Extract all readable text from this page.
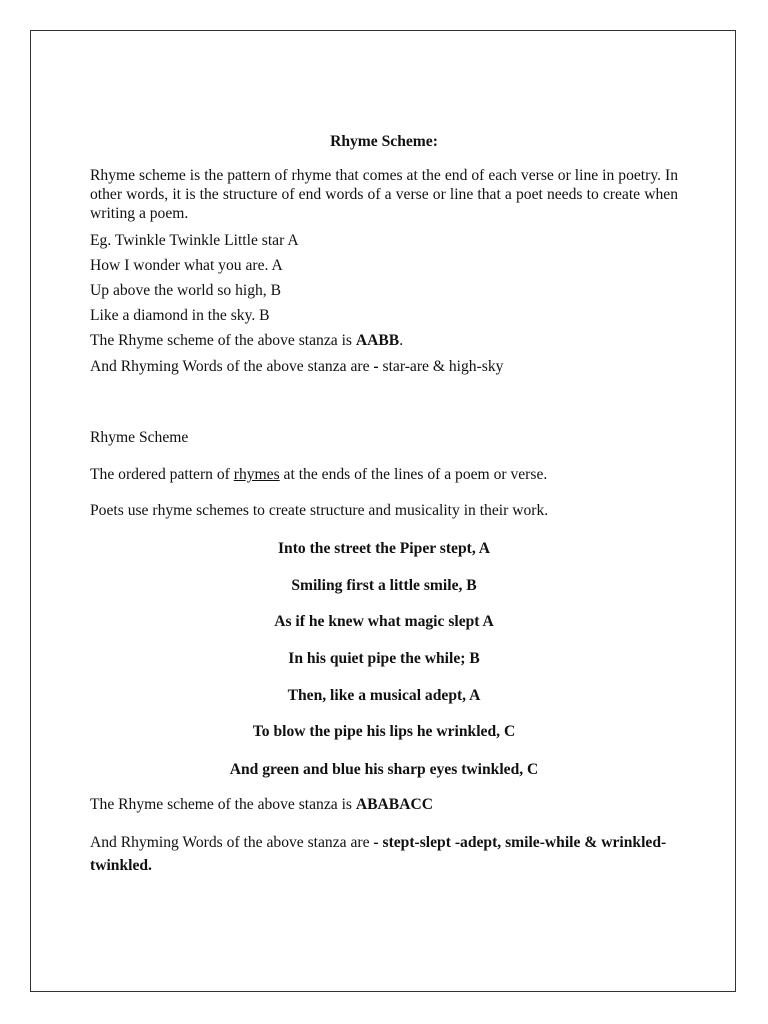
Rhyme Scheme:
Rhyme scheme is the pattern of rhyme that comes at the end of each verse or line in poetry. In other words, it is the structure of end words of a verse or line that a poet needs to create when writing a poem.
Eg. Twinkle Twinkle Little star A
How I wonder what you are. A
Up above the world so high, B
Like a diamond in the sky. B
The Rhyme scheme of the above stanza is AABB.
And Rhyming Words of the above stanza are - star-are & high-sky
Rhyme Scheme
The ordered pattern of rhymes at the ends of the lines of a poem or verse.
Poets use rhyme schemes to create structure and musicality in their work.
Into the street the Piper stept, A
Smiling first a little smile, B
As if he knew what magic slept A
In his quiet pipe the while; B
Then, like a musical adept, A
To blow the pipe his lips he wrinkled, C
And green and blue his sharp eyes twinkled, C
The Rhyme scheme of the above stanza is ABABACC
And Rhyming Words of the above stanza are - stept-slept -adept, smile-while & wrinkled-twinkled.
